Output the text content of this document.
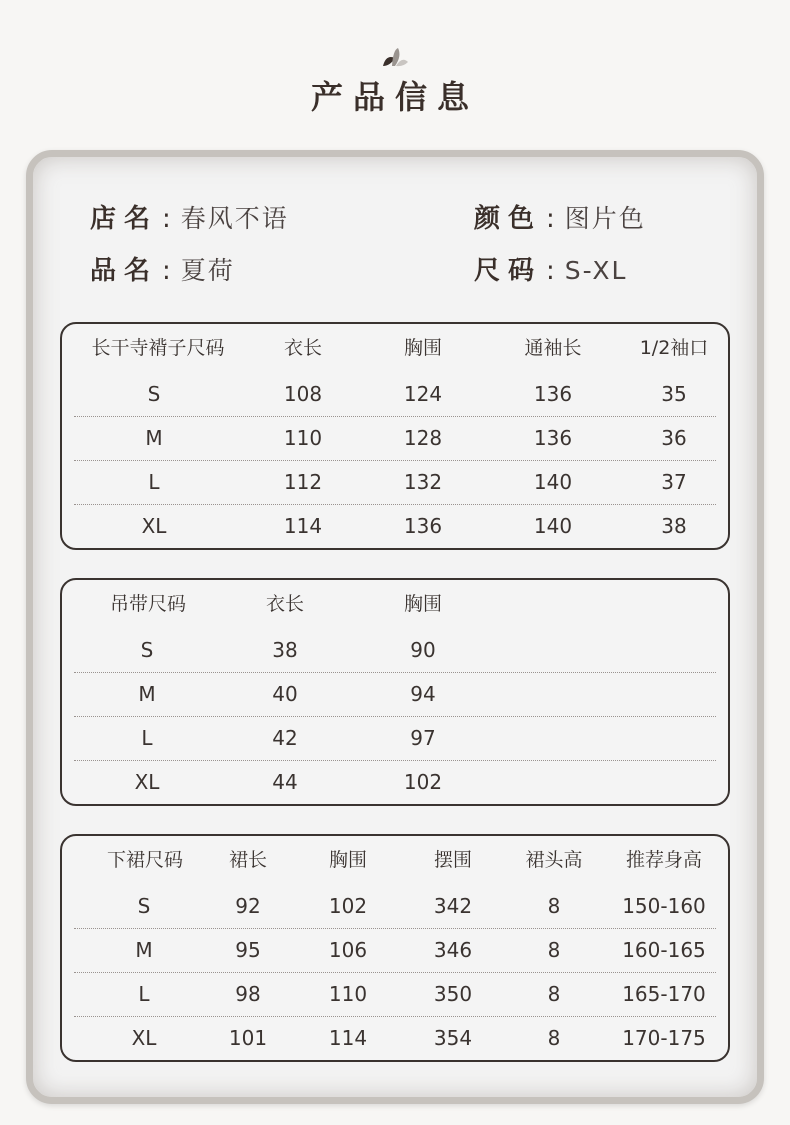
产品信息
店名 : 春风不语	颜色 : 图片色
品名 : 夏荷	尺码 : S-XL
长干寺褙子尺码	衣长	胸围	通袖长	1/2袖口
S	108	124	136	35
M	110	128	136	36
L	112	132	140	37
XL	114	136	140	38
吊带尺码	衣长	胸围
S	38	90
M	40	94
L	42	97
XL	44	102
下裙尺码 裙长	胸围	摆围	裙头高 推荐身高
S	92	102	342	8	150-160
M	95	106	346	8	160-165
L	98	110	350	8	165-170
XL	101	114	354	8	170-175
